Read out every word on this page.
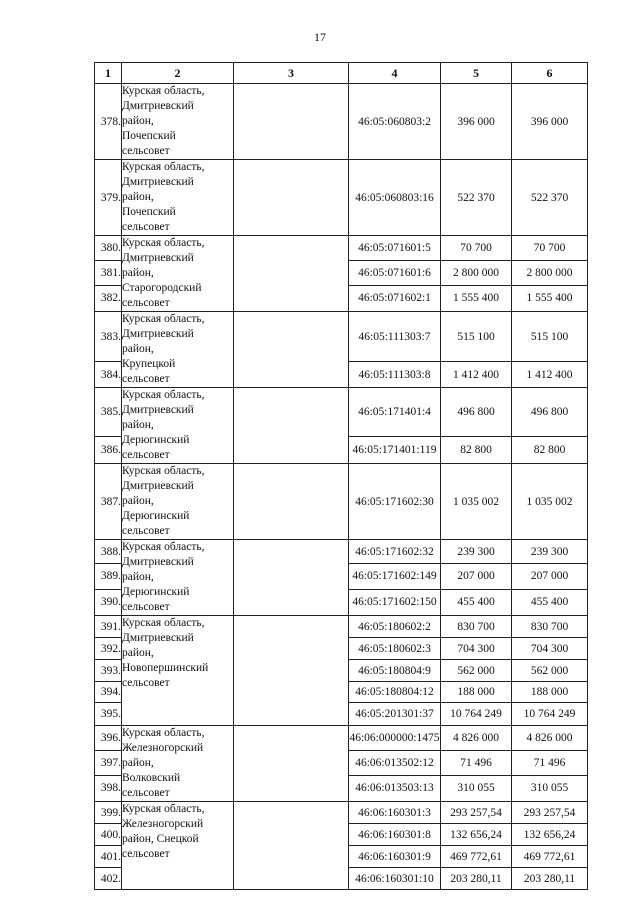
17
1	2	3	4	5	6
378.	Курская область,
Дмитриевский
район,
Почепский
сельсовет		46:05:060803:2	396 000	396 000
379.	Курская область,
Дмитриевский
район,
Почепский
сельсовет		46:05:060803:16	522 370	522 370
380.	Курская область,
Дмитриевский
район,
Старогородский
сельсовет		46:05:071601:5	70 700	70 700
381.			46:05:071601:6	2 800 000	2 800 000
382.			46:05:071602:1	1 555 400	1 555 400
383.	Курская область,
Дмитриевский
район,
Крупецкой
сельсовет		46:05:111303:7	515 100	515 100
384.			46:05:111303:8	1 412 400	1 412 400
385.	Курская область,
Дмитриевский
район,
Дерюгинский
сельсовет		46:05:171401:4	496 800	496 800
386.			46:05:171401:119	82 800	82 800
387.	Курская область,
Дмитриевский
район,
Дерюгинский
сельсовет		46:05:171602:30	1 035 002	1 035 002
388.	Курская область,
Дмитриевский
район,
Дерюгинский
сельсовет		46:05:171602:32	239 300	239 300
389.			46:05:171602:149	207 000	207 000
390.			46:05:171602:150	455 400	455 400
391.	Курская область,
Дмитриевский
район,
Новопершинский
сельсовет		46:05:180602:2	830 700	830 700
392.			46:05:180602:3	704 300	704 300
393.			46:05:180804:9	562 000	562 000
394.			46:05:180804:12	188 000	188 000
395.			46:05:201301:37	10 764 249	10 764 249
396.	Курская область,
Железногорский
район,
Волковский
сельсовет		46:06:000000:1475	4 826 000	4 826 000
397.			46:06:013502:12	71 496	71 496
398.			46:06:013503:13	310 055	310 055
399.	Курская область,
Железногорский
район, Снецкой
сельсовет		46:06:160301:3	293 257,54	293 257,54
400.			46:06:160301:8	132 656,24	132 656,24
401.			46:06:160301:9	469 772,61	469 772,61
402.			46:06:160301:10	203 280,11	203 280,11
